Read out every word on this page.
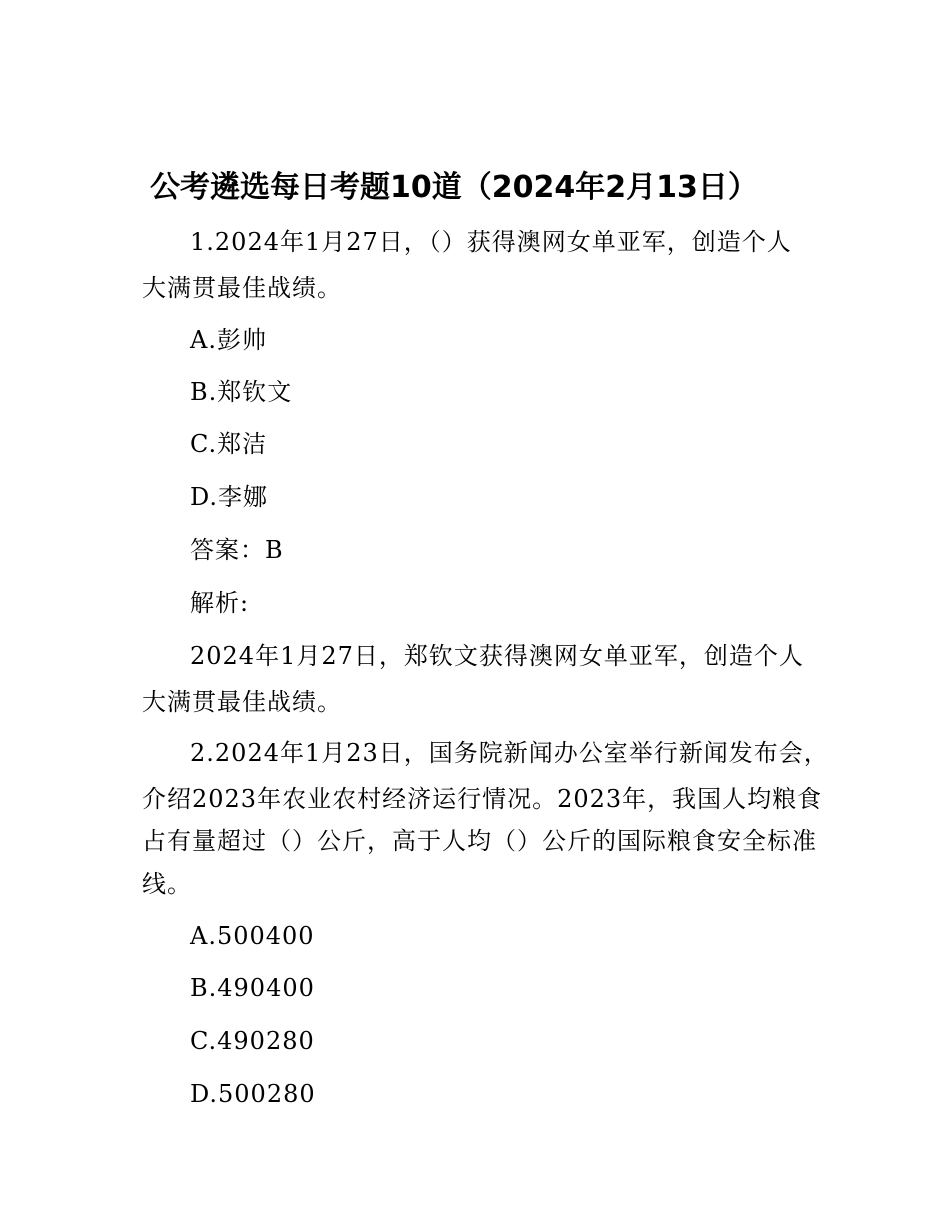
公考遴选每日考题10道（2024年2月13日）
1.2024年1月27日，（）获得澳网女单亚军，创造个人
大满贯最佳战绩。
A.彭帅
B.郑钦文
C.郑洁
D.李娜
答案：B
解析:
2024年1月27日，郑钦文获得澳网女单亚军，创造个人
大满贯最佳战绩。
2.2024年1月23日，国务院新闻办公室举行新闻发布会，
介绍2023年农业农村经济运行情况。2023年，我国人均粮食
占有量超过（）公斤，高于人均（）公斤的国际粮食安全标准
线。
A.500400
B.490400
C.490280
D.500280
